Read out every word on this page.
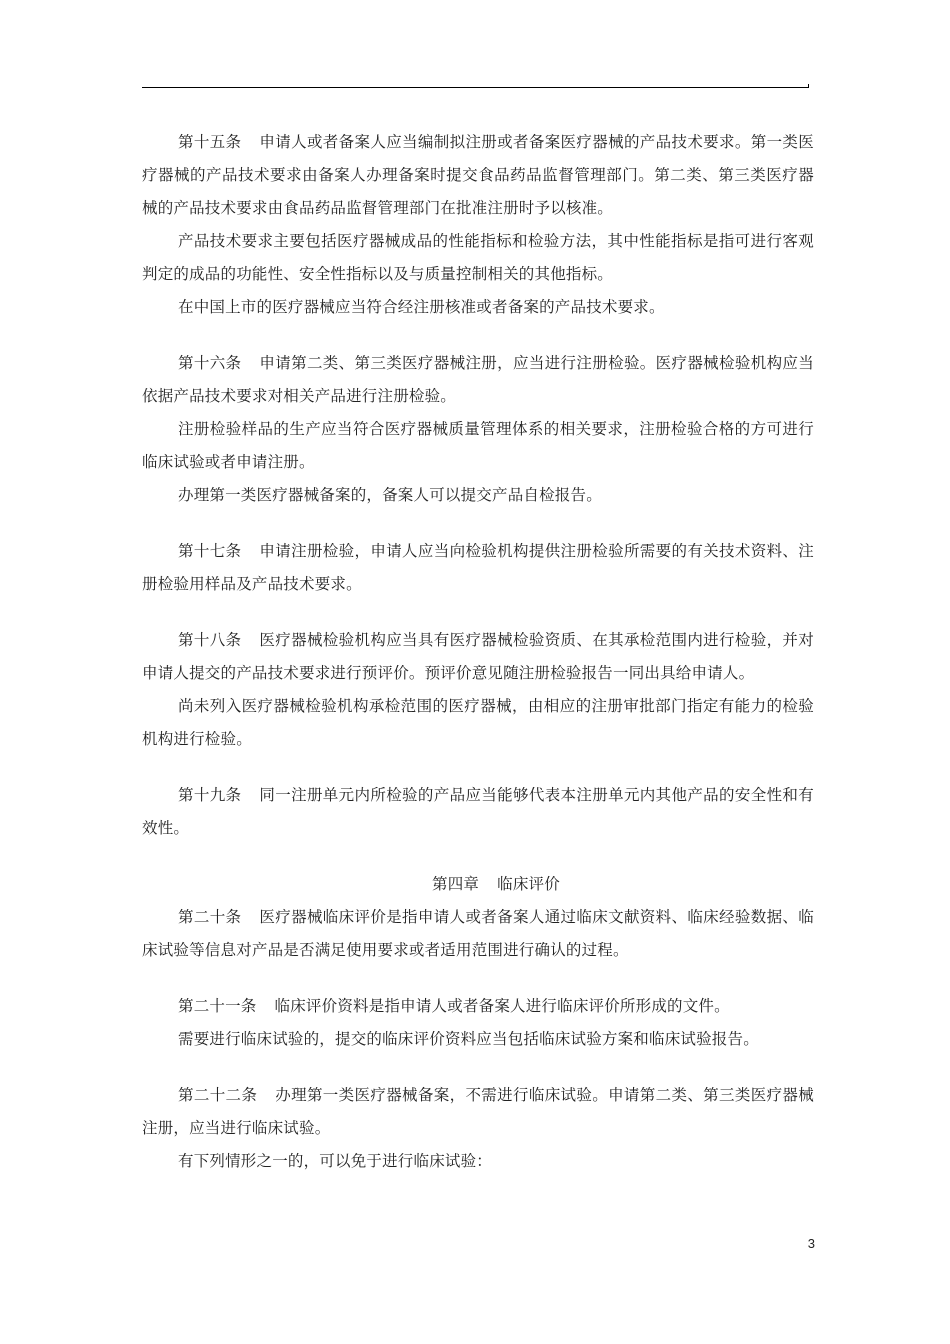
第十五条 申请人或者备案人应当编制拟注册或者备案医疗器械的产品技术要求。第一类医疗器械的产品技术要求由备案人办理备案时提交食品药品监督管理部门。第二类、第三类医疗器械的产品技术要求由食品药品监督管理部门在批准注册时予以核准。

产品技术要求主要包括医疗器械成品的性能指标和检验方法，其中性能指标是指可进行客观判定的成品的功能性、安全性指标以及与质量控制相关的其他指标。

在中国上市的医疗器械应当符合经注册核准或者备案的产品技术要求。

第十六条 申请第二类、第三类医疗器械注册，应当进行注册检验。医疗器械检验机构应当依据产品技术要求对相关产品进行注册检验。

注册检验样品的生产应当符合医疗器械质量管理体系的相关要求，注册检验合格的方可进行临床试验或者申请注册。

办理第一类医疗器械备案的，备案人可以提交产品自检报告。

第十七条 申请注册检验，申请人应当向检验机构提供注册检验所需要的有关技术资料、注册检验用样品及产品技术要求。

第十八条 医疗器械检验机构应当具有医疗器械检验资质、在其承检范围内进行检验，并对申请人提交的产品技术要求进行预评价。预评价意见随注册检验报告一同出具给申请人。

尚未列入医疗器械检验机构承检范围的医疗器械，由相应的注册审批部门指定有能力的检验机构进行检验。

第十九条 同一注册单元内所检验的产品应当能够代表本注册单元内其他产品的安全性和有效性。

第四章 临床评价

第二十条 医疗器械临床评价是指申请人或者备案人通过临床文献资料、临床经验数据、临床试验等信息对产品是否满足使用要求或者适用范围进行确认的过程。

第二十一条 临床评价资料是指申请人或者备案人进行临床评价所形成的文件。

需要进行临床试验的，提交的临床评价资料应当包括临床试验方案和临床试验报告。

第二十二条 办理第一类医疗器械备案，不需进行临床试验。申请第二类、第三类医疗器械注册，应当进行临床试验。

有下列情形之一的，可以免于进行临床试验：

3
